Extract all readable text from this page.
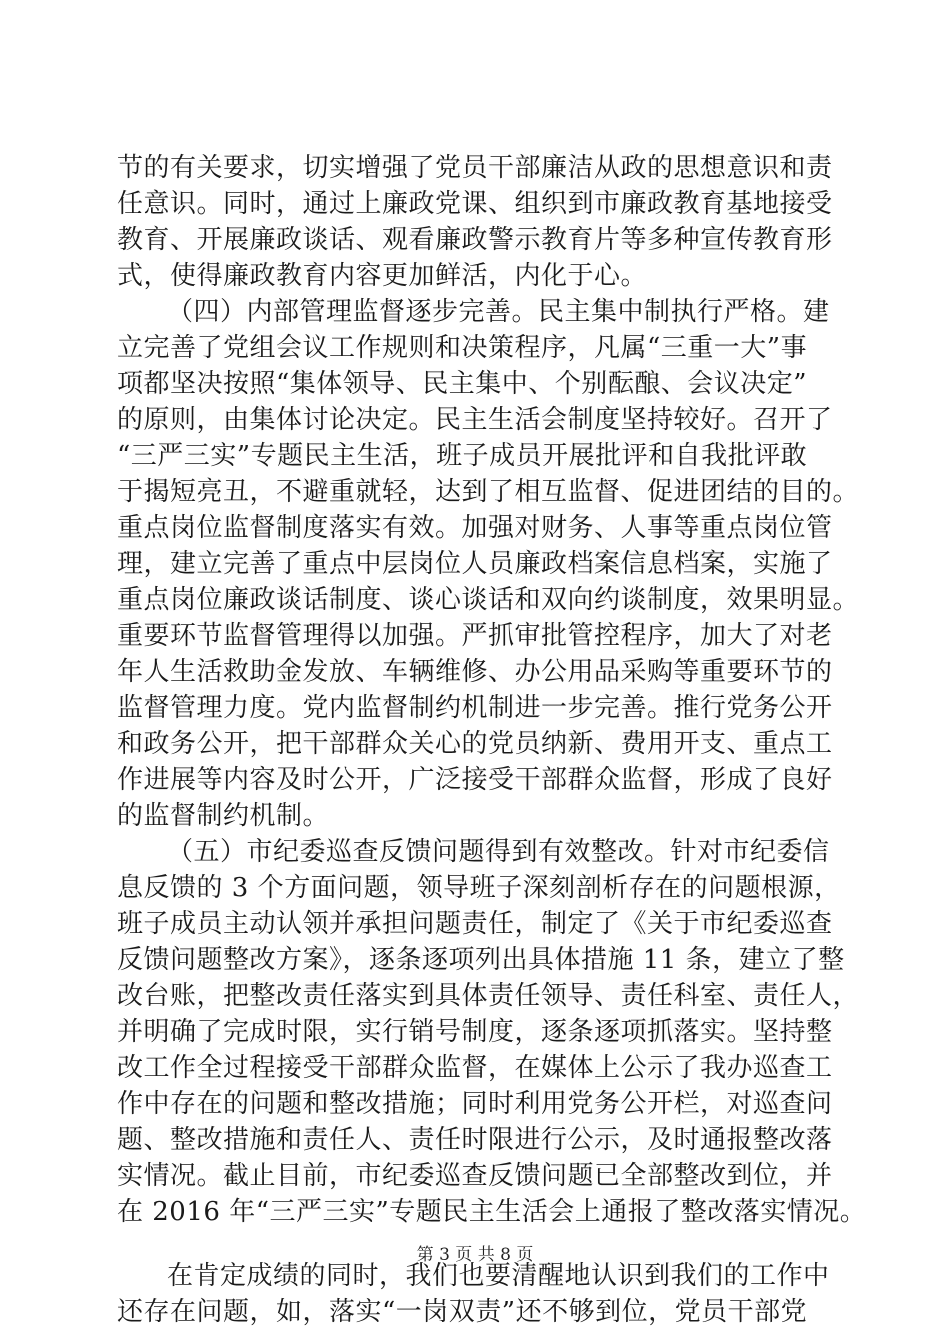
节的有关要求，切实增强了党员干部廉洁从政的思想意识和责
任意识。同时，通过上廉政党课、组织到市廉政教育基地接受
教育、开展廉政谈话、观看廉政警示教育片等多种宣传教育形
式，使得廉政教育内容更加鲜活，内化于心。
（四）内部管理监督逐步完善。民主集中制执行严格。建
立完善了党组会议工作规则和决策程序，凡属“三重一大”事
项都坚决按照“集体领导、民主集中、个别酝酿、会议决定”
的原则，由集体讨论决定。民主生活会制度坚持较好。召开了
“三严三实”专题民主生活，班子成员开展批评和自我批评敢
于揭短亮丑，不避重就轻，达到了相互监督、促进团结的目的。
重点岗位监督制度落实有效。加强对财务、人事等重点岗位管
理，建立完善了重点中层岗位人员廉政档案信息档案，实施了
重点岗位廉政谈话制度、谈心谈话和双向约谈制度，效果明显。
重要环节监督管理得以加强。严抓审批管控程序，加大了对老
年人生活救助金发放、车辆维修、办公用品采购等重要环节的
监督管理力度。党内监督制约机制进一步完善。推行党务公开
和政务公开，把干部群众关心的党员纳新、费用开支、重点工
作进展等内容及时公开，广泛接受干部群众监督，形成了良好
的监督制约机制。
（五）市纪委巡查反馈问题得到有效整改。针对市纪委信
息反馈的 3 个方面问题，领导班子深刻剖析存在的问题根源，
班子成员主动认领并承担问题责任，制定了《关于市纪委巡查
反馈问题整改方案》，逐条逐项列出具体措施 11 条，建立了整
改台账，把整改责任落实到具体责任领导、责任科室、责任人，
并明确了完成时限，实行销号制度，逐条逐项抓落实。坚持整
改工作全过程接受干部群众监督，在媒体上公示了我办巡查工
作中存在的问题和整改措施；同时利用党务公开栏，对巡查问
题、整改措施和责任人、责任时限进行公示，及时通报整改落
实情况。截止目前，市纪委巡查反馈问题已全部整改到位，并
在 2016 年“三严三实”专题民主生活会上通报了整改落实情况。
在肯定成绩的同时，我们也要清醒地认识到我们的工作中
还存在问题，如，落实“一岗双责”还不够到位，党员干部党
第 3 页 共 8 页
